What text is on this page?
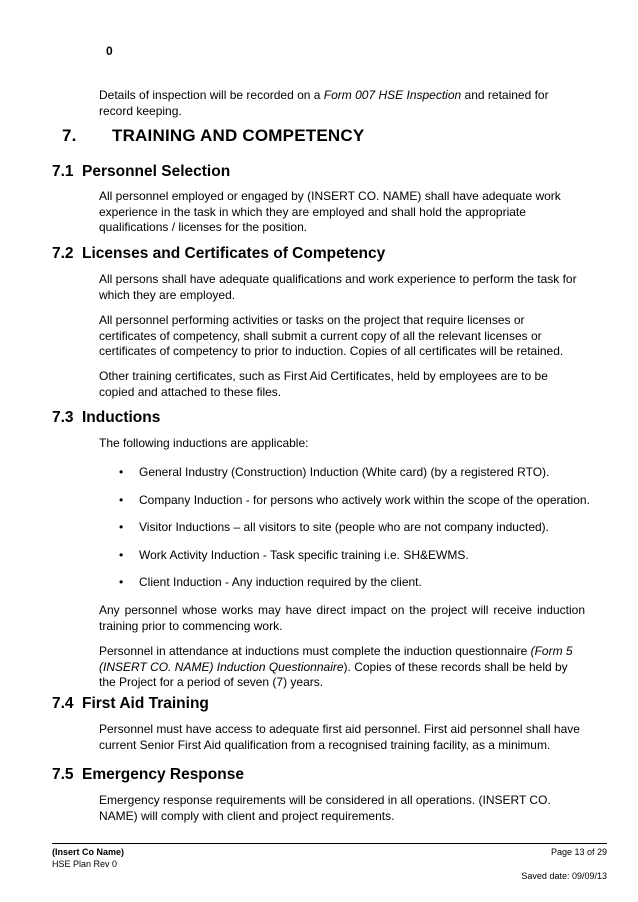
0
Details of inspection will be recorded on a Form 007 HSE Inspection and retained for record keeping.
7. TRAINING AND COMPETENCY
7.1 Personnel Selection
All personnel employed or engaged by (INSERT CO. NAME) shall have adequate work experience in the task in which they are employed and shall hold the appropriate qualifications / licenses for the position.
7.2 Licenses and Certificates of Competency
All persons shall have adequate qualifications and work experience to perform the task for which they are employed.
All personnel performing activities or tasks on the project that require licenses or certificates of competency, shall submit a current copy of all the relevant licenses or certificates of competency to prior to induction. Copies of all certificates will be retained.
Other training certificates, such as First Aid Certificates, held by employees are to be copied and attached to these files.
7.3 Inductions
The following inductions are applicable:
• General Industry (Construction) Induction (White card) (by a registered RTO).
• Company Induction - for persons who actively work within the scope of the operation.
• Visitor Inductions – all visitors to site (people who are not company inducted).
• Work Activity Induction - Task specific training i.e. SH&EWMS.
• Client Induction - Any induction required by the client.
Any personnel whose works may have direct impact on the project will receive induction training prior to commencing work.
Personnel in attendance at inductions must complete the induction questionnaire (Form 5 (INSERT CO. NAME) Induction Questionnaire). Copies of these records shall be held by the Project for a period of seven (7) years.
7.4 First Aid Training
Personnel must have access to adequate first aid personnel. First aid personnel shall have current Senior First Aid qualification from a recognised training facility, as a minimum.
7.5 Emergency Response
Emergency response requirements will be considered in all operations. (INSERT CO. NAME) will comply with client and project requirements.
(Insert Co Name)
HSE Plan Rev 0
Page 13 of 29
Saved date: 09/09/13
